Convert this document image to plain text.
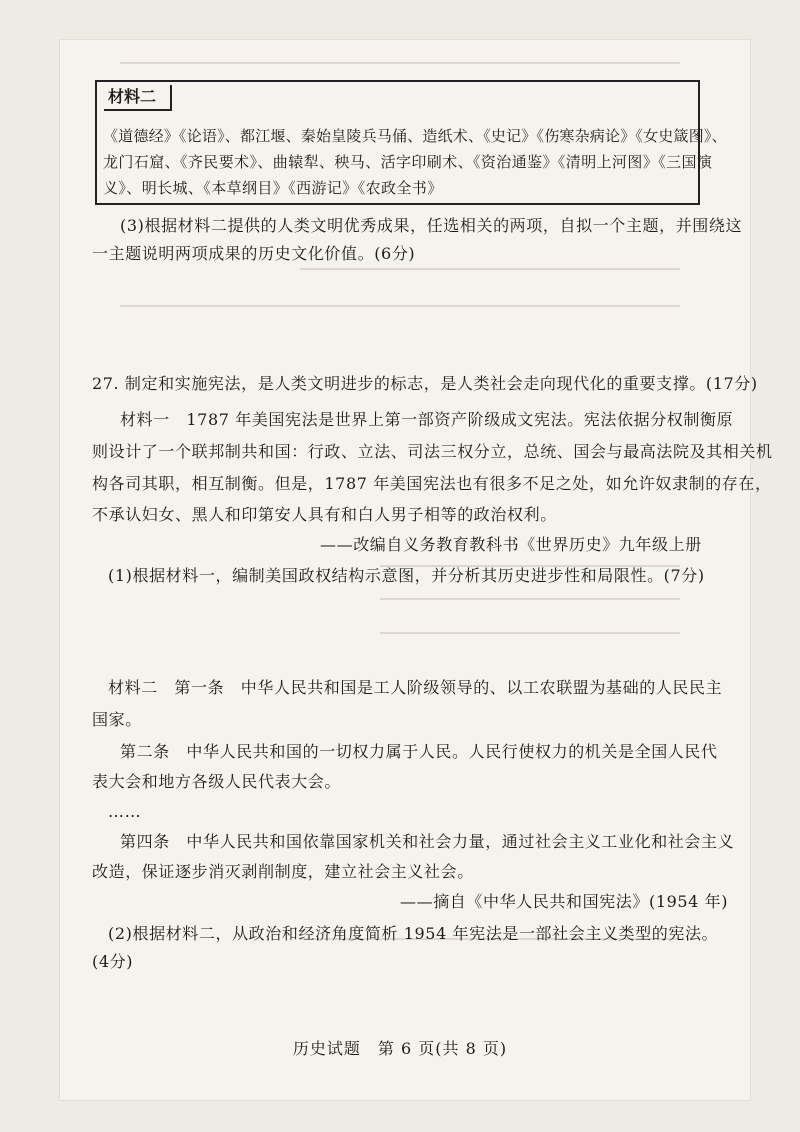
材料二
《道德经》《论语》、都江堰、秦始皇陵兵马俑、造纸术、《史记》《伤寒杂病论》《女史箴图》、
龙门石窟、《齐民要术》、曲辕犁、秧马、活字印刷术、《资治通鉴》《清明上河图》《三国演
义》、明长城、《本草纲目》《西游记》《农政全书》
(3)根据材料二提供的人类文明优秀成果，任选相关的两项，自拟一个主题，并围绕这
一主题说明两项成果的历史文化价值。(6分)
27. 制定和实施宪法，是人类文明进步的标志，是人类社会走向现代化的重要支撑。(17分)
材料一　1787 年美国宪法是世界上第一部资产阶级成文宪法。宪法依据分权制衡原
则设计了一个联邦制共和国：行政、立法、司法三权分立，总统、国会与最高法院及其相关机
构各司其职，相互制衡。但是，1787 年美国宪法也有很多不足之处，如允许奴隶制的存在，
不承认妇女、黑人和印第安人具有和白人男子相等的政治权利。
——改编自义务教育教科书《世界历史》九年级上册
(1)根据材料一，编制美国政权结构示意图，并分析其历史进步性和局限性。(7分)
材料二　第一条　中华人民共和国是工人阶级领导的、以工农联盟为基础的人民民主
国家。
第二条　中华人民共和国的一切权力属于人民。人民行使权力的机关是全国人民代
表大会和地方各级人民代表大会。
……
第四条　中华人民共和国依靠国家机关和社会力量，通过社会主义工业化和社会主义
改造，保证逐步消灭剥削制度，建立社会主义社会。
——摘自《中华人民共和国宪法》(1954 年)
(2)根据材料二，从政治和经济角度简析 1954 年宪法是一部社会主义类型的宪法。
(4分)
历史试题　第 6 页(共 8 页)
